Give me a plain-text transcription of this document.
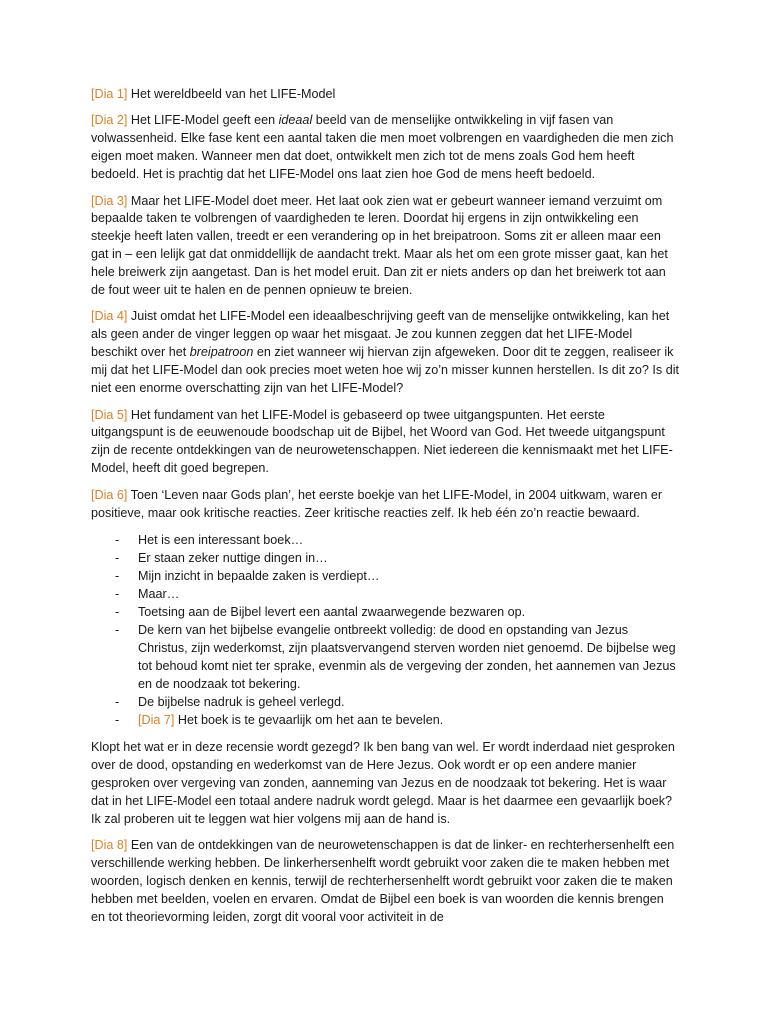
[Dia 1] Het wereldbeeld van het LIFE-Model

[Dia 2] Het LIFE-Model geeft een ideaal beeld van de menselijke ontwikkeling in vijf fasen van volwassenheid. Elke fase kent een aantal taken die men moet volbrengen en vaardigheden die men zich eigen moet maken. Wanneer men dat doet, ontwikkelt men zich tot de mens zoals God hem heeft bedoeld. Het is prachtig dat het LIFE-Model ons laat zien hoe God de mens heeft bedoeld.

[Dia 3] Maar het LIFE-Model doet meer. Het laat ook zien wat er gebeurt wanneer iemand verzuimt om bepaalde taken te volbrengen of vaardigheden te leren. Doordat hij ergens in zijn ontwikkeling een steekje heeft laten vallen, treedt er een verandering op in het breipatroon. Soms zit er alleen maar een gat in – een lelijk gat dat onmiddellijk de aandacht trekt. Maar als het om een grote misser gaat, kan het hele breiwerk zijn aangetast. Dan is het model eruit. Dan zit er niets anders op dan het breiwerk tot aan de fout weer uit te halen en de pennen opnieuw te breien.

[Dia 4] Juist omdat het LIFE-Model een ideaalbeschrijving geeft van de menselijke ontwikkeling, kan het als geen ander de vinger leggen op waar het misgaat. Je zou kunnen zeggen dat het LIFE-Model beschikt over het breipatroon en ziet wanneer wij hiervan zijn afgeweken. Door dit te zeggen, realiseer ik mij dat het LIFE-Model dan ook precies moet weten hoe wij zo’n misser kunnen herstellen. Is dit zo? Is dit niet een enorme overschatting zijn van het LIFE-Model?

[Dia 5] Het fundament van het LIFE-Model is gebaseerd op twee uitgangspunten. Het eerste uitgangspunt is de eeuwenoude boodschap uit de Bijbel, het Woord van God. Het tweede uitgangspunt zijn de recente ontdekkingen van de neurowetenschappen. Niet iedereen die kennismaakt met het LIFE-Model, heeft dit goed begrepen.

[Dia 6] Toen ‘Leven naar Gods plan’, het eerste boekje van het LIFE-Model, in 2004 uitkwam, waren er positieve, maar ook kritische reacties. Zeer kritische reacties zelf. Ik heb één zo’n reactie bewaard.

- Het is een interessant boek…
- Er staan zeker nuttige dingen in…
- Mijn inzicht in bepaalde zaken is verdiept…
- Maar…
- Toetsing aan de Bijbel levert een aantal zwaarwegende bezwaren op.
- De kern van het bijbelse evangelie ontbreekt volledig: de dood en opstanding van Jezus Christus, zijn wederkomst, zijn plaatsvervangend sterven worden niet genoemd. De bijbelse weg tot behoud komt niet ter sprake, evenmin als de vergeving der zonden, het aannemen van Jezus en de noodzaak tot bekering.
- De bijbelse nadruk is geheel verlegd.
- [Dia 7] Het boek is te gevaarlijk om het aan te bevelen.

Klopt het wat er in deze recensie wordt gezegd? Ik ben bang van wel. Er wordt inderdaad niet gesproken over de dood, opstanding en wederkomst van de Here Jezus. Ook wordt er op een andere manier gesproken over vergeving van zonden, aanneming van Jezus en de noodzaak tot bekering. Het is waar dat in het LIFE-Model een totaal andere nadruk wordt gelegd. Maar is het daarmee een gevaarlijk boek? Ik zal proberen uit te leggen wat hier volgens mij aan de hand is.

[Dia 8] Een van de ontdekkingen van de neurowetenschappen is dat de linker- en rechterhersenhelft een verschillende werking hebben. De linkerhersenhelft wordt gebruikt voor zaken die te maken hebben met woorden, logisch denken en kennis, terwijl de rechterhersenhelft wordt gebruikt voor zaken die te maken hebben met beelden, voelen en ervaren. Omdat de Bijbel een boek is van woorden die kennis brengen en tot theorievorming leiden, zorgt dit vooral voor activiteit in de
